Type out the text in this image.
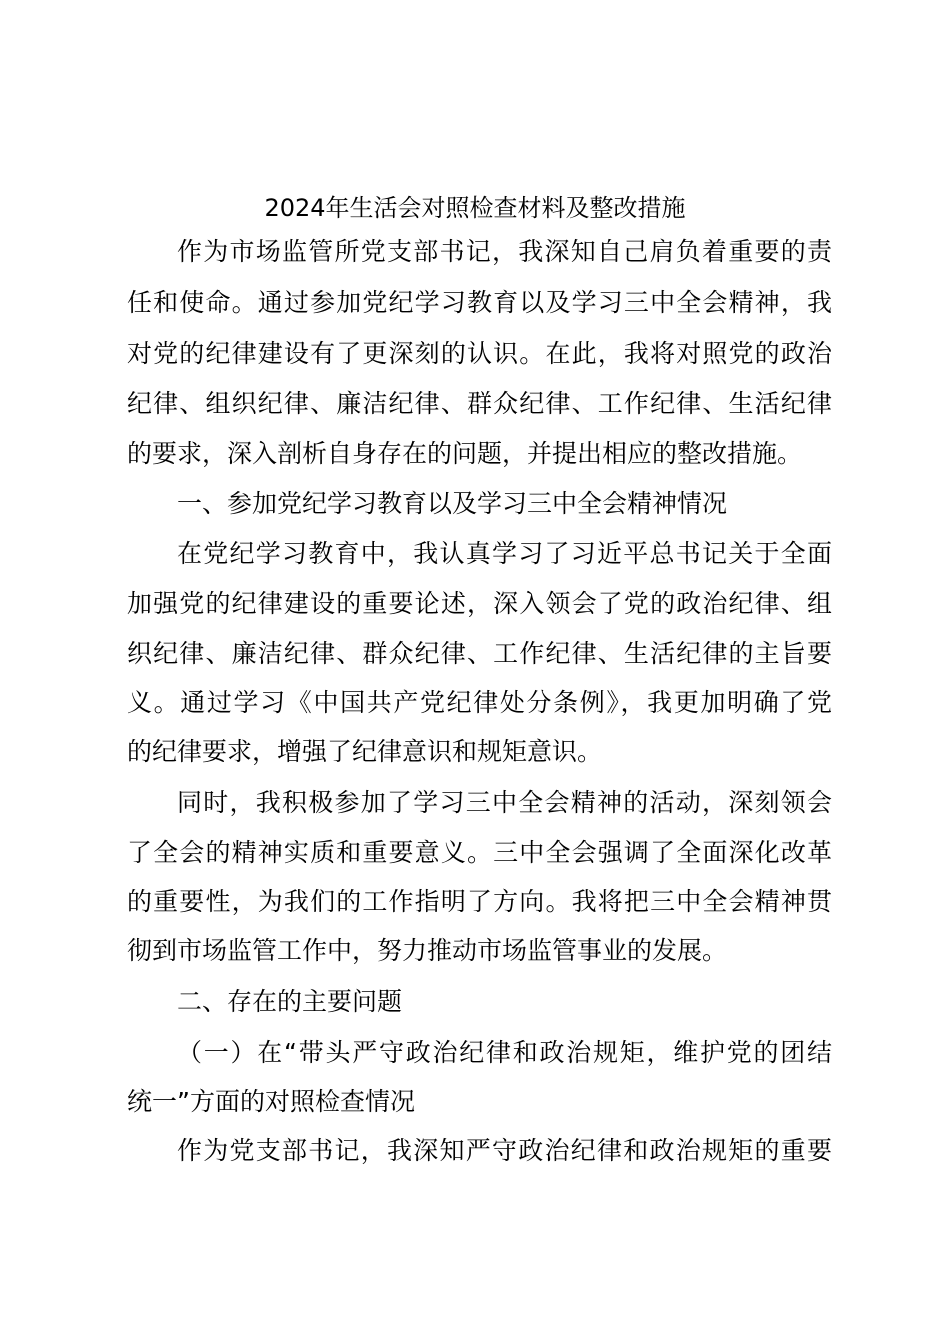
2024年生活会对照检查材料及整改措施
作为市场监管所党支部书记，我深知自己肩负着重要的责
任和使命。通过参加党纪学习教育以及学习三中全会精神，我
对党的纪律建设有了更深刻的认识。在此，我将对照党的政治
纪律、组织纪律、廉洁纪律、群众纪律、工作纪律、生活纪律
的要求，深入剖析自身存在的问题，并提出相应的整改措施。
一、参加党纪学习教育以及学习三中全会精神情况
在党纪学习教育中，我认真学习了习近平总书记关于全面
加强党的纪律建设的重要论述，深入领会了党的政治纪律、组
织纪律、廉洁纪律、群众纪律、工作纪律、生活纪律的主旨要
义。通过学习《中国共产党纪律处分条例》，我更加明确了党
的纪律要求，增强了纪律意识和规矩意识。
同时，我积极参加了学习三中全会精神的活动，深刻领会
了全会的精神实质和重要意义。三中全会强调了全面深化改革
的重要性，为我们的工作指明了方向。我将把三中全会精神贯
彻到市场监管工作中，努力推动市场监管事业的发展。
二、存在的主要问题
（一）在“带头严守政治纪律和政治规矩，维护党的团结
统一”方面的对照检查情况
作为党支部书记，我深知严守政治纪律和政治规矩的重要
